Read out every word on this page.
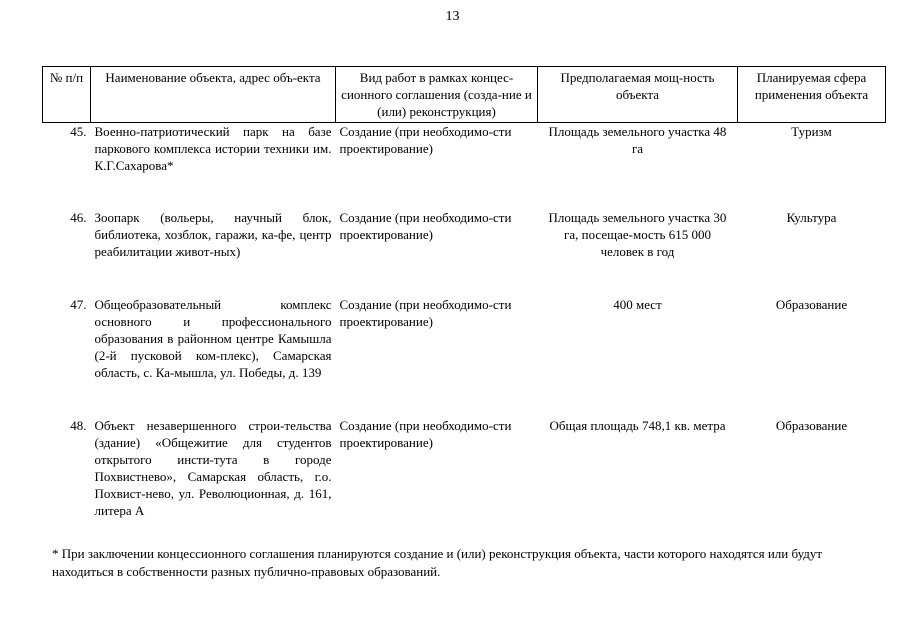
13
№ п/п	Наименование объекта, адрес объ-екта	Вид работ в рамках концес-сионного соглашения (созда-ние и (или) реконструкция)	Предполагаемая мощ-ность объекта	Планируемая сфера применения объекта
45.	Военно-патриотический парк на базе паркового комплекса истории техники им. К.Г.Сахарова*	Создание (при необходимо-сти проектирование)	Площадь земельного участка 48 га	Туризм
46.	Зоопарк (вольеры, научный блок, библиотека, хозблок, гаражи, ка-фе, центр реабилитации живот-ных)	Создание (при необходимо-сти проектирование)	Площадь земельного участка 30 га, посещае-мость 615 000 человек в год	Культура
47.	Общеобразовательный комплекс основного и профессионального образования в районном центре Камышла (2-й пусковой ком-плекс), Самарская область, с. Ка-мышла, ул. Победы, д. 139	Создание (при необходимо-сти проектирование)	400 мест	Образование
48.	Объект незавершенного строи-тельства (здание) «Общежитие для студентов открытого инсти-тута в городе Похвистнево», Самарская область, г.о. Похвист-нево, ул. Революционная, д. 161, литера А	Создание (при необходимо-сти проектирование)	Общая площадь 748,1 кв. метра	Образование
* При заключении концессионного соглашения планируются создание и (или) реконструкция объекта, части которого находятся или будут находиться в собственности разных публично-правовых образований.
